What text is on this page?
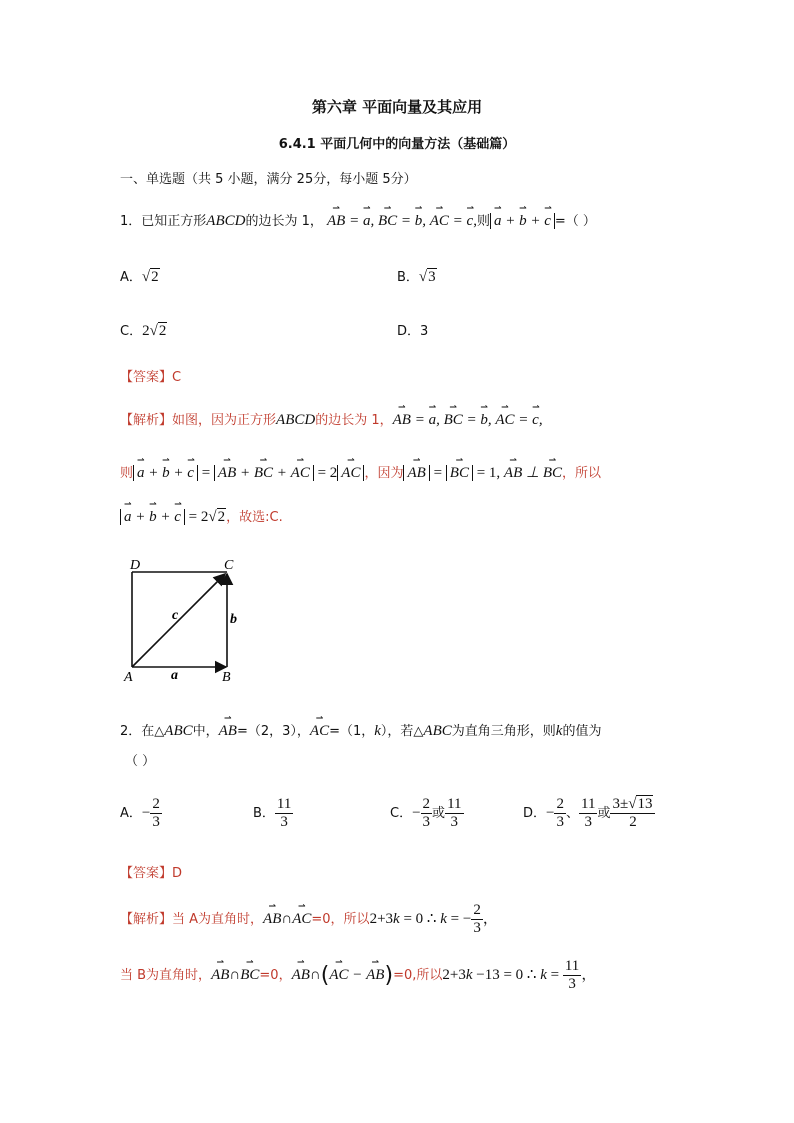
第六章 平面向量及其应用
6.4.1 平面几何中的向量方法（基础篇）
一、单选题（共 5 小题，满分 25分，每小题 5分）
1．已知正方形ABCD的边长为 1， ⇀ AB = ⇀ a, ⇀ BC = ⇀ b, ⇀ AC = ⇀ c,则 ⇀ a + ⇀ b + ⇀ c =（ ）
A．√2	B．√3
C．2√2	D．3
【答案】C
【解析】如图，因为正方形ABCD的边长为 1，⇀ AB = ⇀ a, ⇀ BC = ⇀ b, ⇀ AC = ⇀ c,
则 ⇀ a + ⇀ b + ⇀ c = ⇀ AB + ⇀ BC + ⇀ AC = 2 ⇀ AC ，因为 ⇀ AB = ⇀ BC = 1, ⇀ AB ⊥ ⇀ BC，所以
⇀ a + ⇀ b + ⇀ c = 2√2，故选:C.
D	C
A	B
a
b
c
2．在△ABC中，⇀ AB=（2，3），⇀ AC=（1，k），若△ABC为直角三角形，则k的值为
（ ）
A．− $\frac{2}{3}$	B． $\frac{11}{3}$	C．− $\frac{2}{3}$ 或 $\frac{11}{3}$	D．− $\frac{2}{3}$ 、 $\frac{11}{3}$ 或 $\frac{3\pm√13}{2}$
【答案】D
【解析】当 A为直角时，⇀ AB∩⇀ AC=0，所以2+3k = 0 ∴ k = − $\frac{2}{3}$ ，
当 B为直角时，⇀ AB∩⇀ BC=0，⇀ AB∩(⇀ AC − ⇀ AB)=0,所以2+3k −13 = 0 ∴ $k = \frac{11}{3}$ ，
